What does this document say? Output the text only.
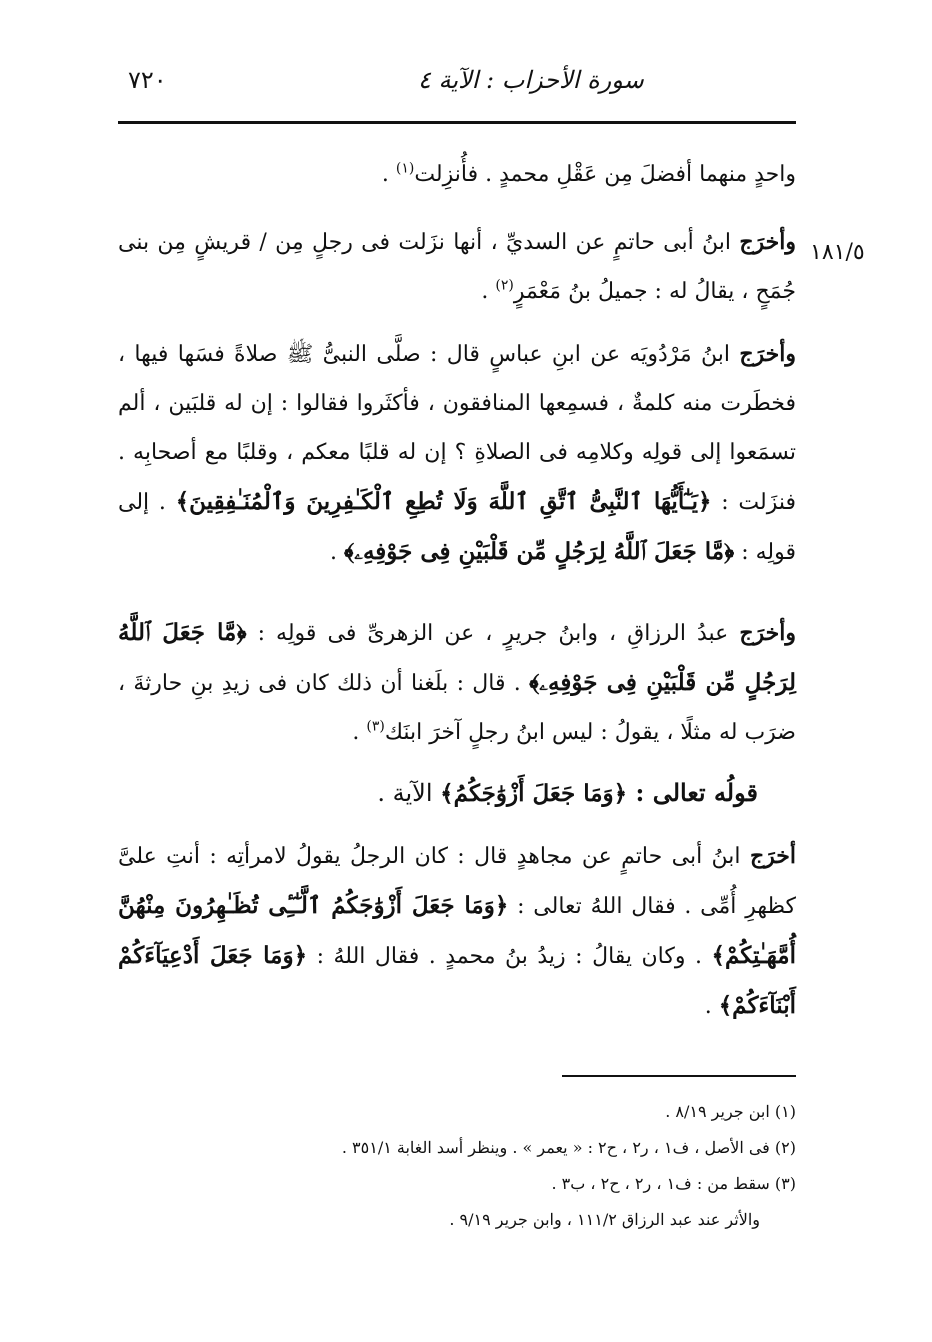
٧٢٠	سورة الأحزاب : الآية ٤
١٨١/٥
واحدٍ منهما أفضلَ مِن عَقْلِ محمدٍ . فأُنزِلت$^{(١)}$ .
وأخرَج ابنُ أبى حاتمٍ عن السديِّ ، أنها نزَلت فى رجلٍ مِن / قريشٍ مِن بنى جُمَحٍ ، يقالُ له : جميلُ بنُ مَعْمَرٍ$^{(٢)}$ .
وأخرَج ابنُ مَرْدُويَه عن ابنِ عباسٍ قال : صلَّى النبىُّ ﷺ صلاةً فسَها فيها ، فخطَرت منه كلمةٌ ، فسمِعها المنافقون ، فأكثَروا فقالوا : إن له قلبَين ، ألم تسمَعوا إلى قولِه وكلامِه فى الصلاةِ ؟ إن له قلبًا معكم ، وقلبًا مع أصحابِه . فنزَلت : ﴿يَـٰٓأَيُّهَا ٱلنَّبِىُّ ٱتَّقِ ٱللَّهَ وَلَا تُطِعِ ٱلْكَـٰفِرِينَ وَٱلْمُنَـٰفِقِينَ﴾ . إلى قولِه : ﴿مَّا جَعَلَ ٱللَّهُ لِرَجُلٍ مِّن قَلْبَيْنِ فِى جَوْفِهِۦ﴾ .
وأخرَج عبدُ الرزاقِ ، وابنُ جريرٍ ، عن الزهرىِّ فى قولِه : ﴿مَّا جَعَلَ ٱللَّهُ لِرَجُلٍ مِّن قَلْبَيْنِ فِى جَوْفِهِۦ﴾ . قال : بلَغنا أن ذلك كان فى زيدِ بنِ حارثةَ ، ضرَب له مثلًا ، يقولُ : ليس ابنُ رجلٍ آخرَ ابنَك$^{(٣)}$ .
قولُه تعالى : ﴿وَمَا جَعَلَ أَزْوَٰجَكُمُ﴾ الآية .
أخرَج ابنُ أبى حاتمٍ عن مجاهدٍ قال : كان الرجلُ يقولُ لامرأتِه : أنتِ علىَّ كظهرِ أُمِّى . فقال اللهُ تعالى : ﴿وَمَا جَعَلَ أَزْوَٰجَكُمُ ٱلَّـٰٓـِٔى تُظَـٰهِرُونَ مِنْهُنَّ أُمَّهَـٰتِكُمْ﴾ . وكان يقالُ : زيدُ بنُ محمدٍ . فقال اللهُ : ﴿وَمَا جَعَلَ أَدْعِيَآءَكُمْ أَبْنَآءَكُمْ﴾ .
(١) ابن جرير ٨/١٩ .
(٢) فى الأصل ، ف١ ، ر٢ ، ح٢ : « يعمر » . وينظر أسد الغابة ٣٥١/١ .
(٣) سقط من : ف١ ، ر٢ ، ح٢ ، ب٣ .
والأثر عند عبد الرزاق ١١١/٢ ، وابن جرير ٩/١٩ .
